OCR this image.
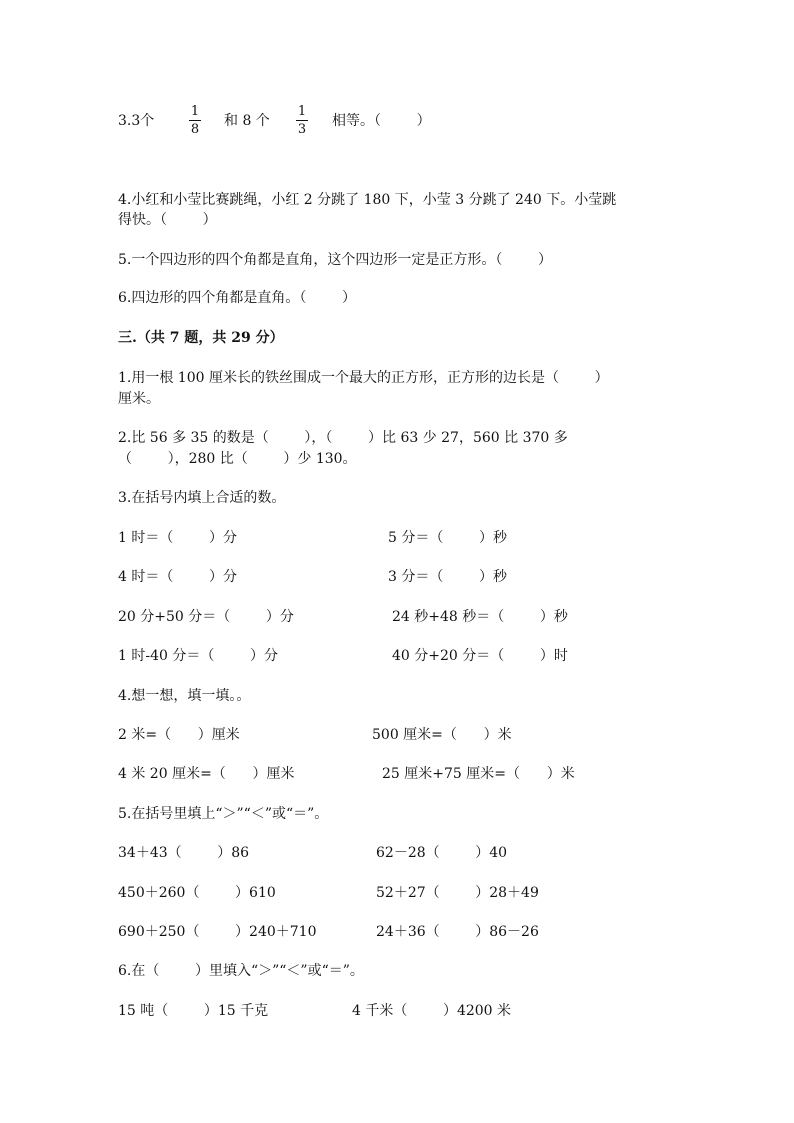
3.3个
1
8
和 8 个
1
3
相等。（        ）
4.小红和小莹比赛跳绳，小红 2 分跳了 180 下，小莹 3 分跳了 240 下。小莹跳
得快。（        ）
5.一个四边形的四个角都是直角，这个四边形一定是正方形。（        ）
6.四边形的四个角都是直角。（        ）
三.（共 7 题，共 29 分）
1.用一根 100 厘米长的铁丝围成一个最大的正方形，正方形的边长是（        ）
厘米。
2.比 56 多 35 的数是（        ），（        ）比 63 少 27，560 比 370 多
（        ），280 比（        ）少 130。
3.在括号内填上合适的数。
1 时＝（        ）分	5 分＝（        ）秒
4 时＝（        ）分	3 分＝（        ）秒
20 分+50 分＝（        ）分	24 秒+48 秒＝（        ）秒
1 时-40 分＝（        ）分	40 分+20 分＝（        ）时
4.想一想，填一填。。
2 米=（      ）厘米	500 厘米=（      ）米
4 米 20 厘米=（      ）厘米	25 厘米+75 厘米=（      ）米
5.在括号里填上“＞”“＜”或“＝”。
34＋43（        ）86	62－28（        ）40
450＋260（        ）610	52＋27（        ）28＋49
690＋250（        ）240＋710	24＋36（        ）86－26
6.在（        ）里填入“＞”“＜”或“＝”。
15 吨（        ）15 千克	4 千米（        ）4200 米
